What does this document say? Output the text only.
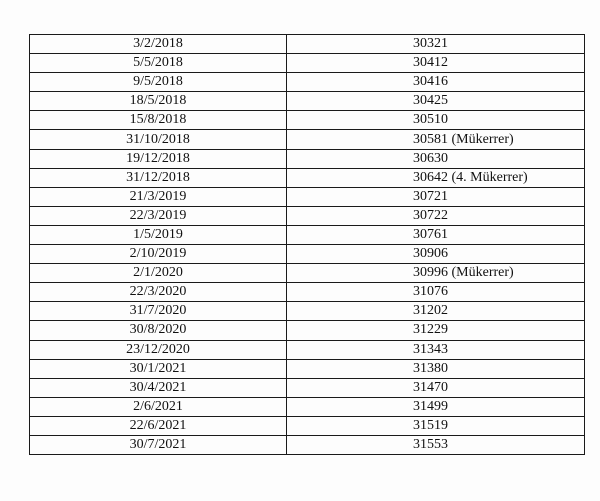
3/2/2018	30321

5/5/2018	30412

9/5/2018	30416

18/5/2018	30425

15/8/2018	30510

31/10/2018	30581 (Mükerrer)

19/12/2018	30630

31/12/2018	30642 (4. Mükerrer)

21/3/2019	30721

22/3/2019	30722

1/5/2019	30761

2/10/2019	30906

2/1/2020	30996 (Mükerrer)

22/3/2020	31076

31/7/2020	31202

30/8/2020	31229

23/12/2020	31343

30/1/2021	31380

30/4/2021	31470

2/6/2021	31499

22/6/2021	31519

30/7/2021	31553
